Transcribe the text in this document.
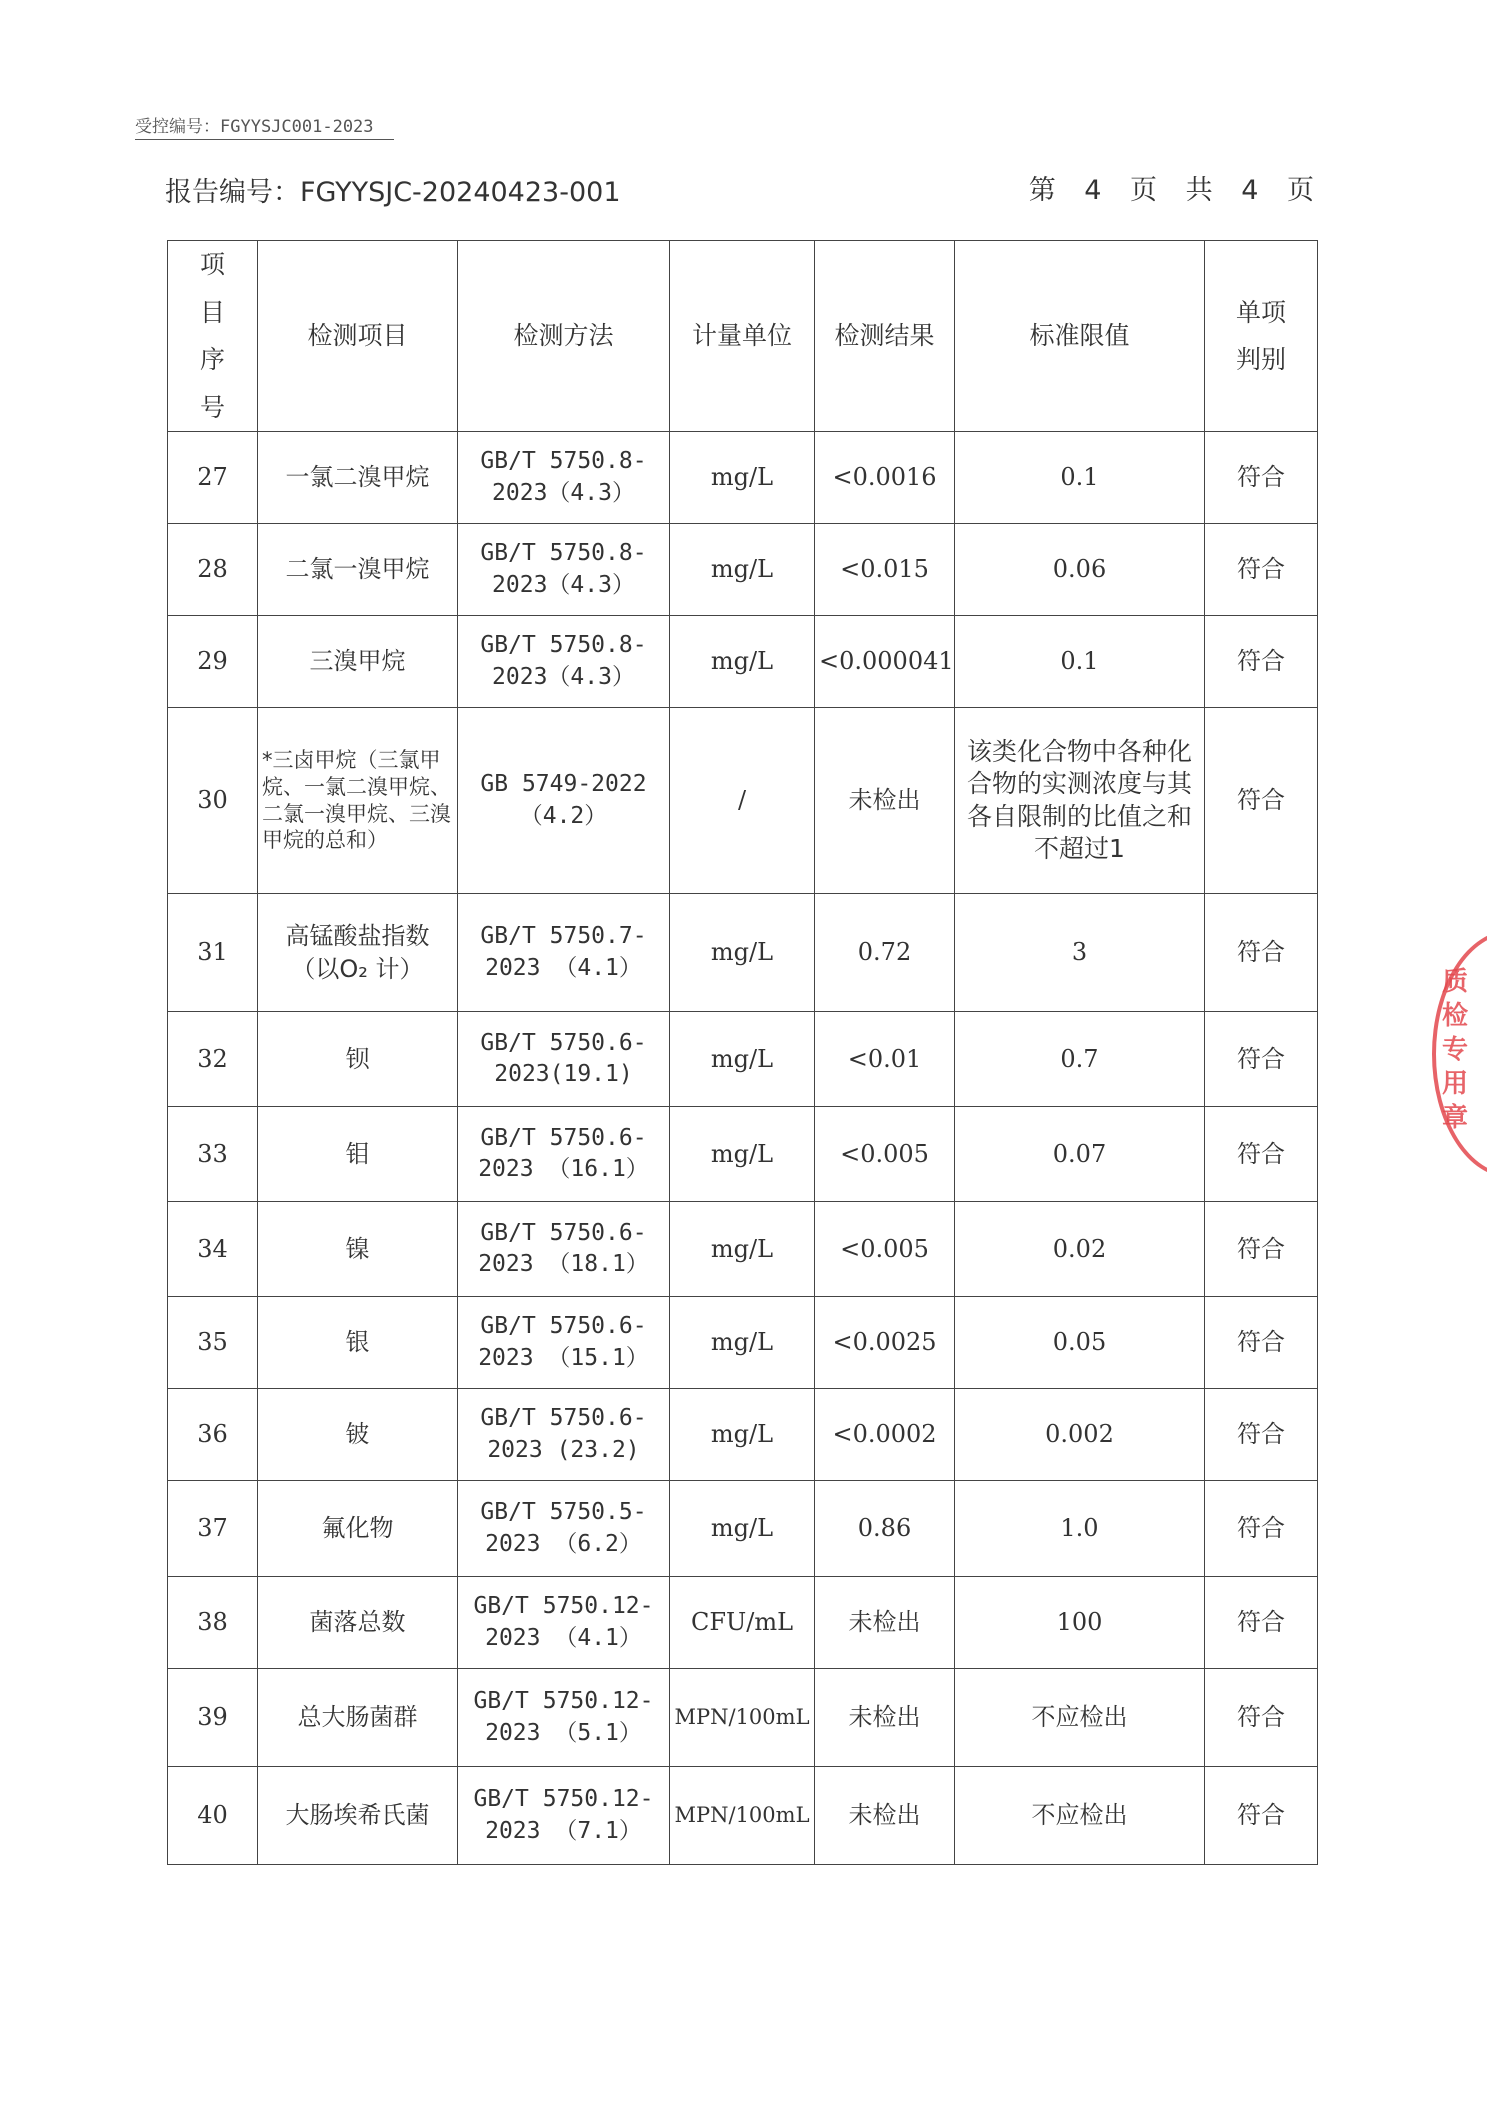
受控编号：FGYYSJC001-2023
报告编号：FGYYSJC-20240423-001	第 4 页 共 4 页
项目序号	检测项目	检测方法	计量单位	检测结果	标准限值	单项判别
27	一氯二溴甲烷	GB/T 5750.8-2023（4.3）	mg/L	<0.0016	0.1	符合
28	二氯一溴甲烷	GB/T 5750.8-2023（4.3）	mg/L	<0.015	0.06	符合
29	三溴甲烷	GB/T 5750.8-2023（4.3）	mg/L	<0.000041	0.1	符合
30	*三卤甲烷（三氯甲烷、一氯二溴甲烷、二氯一溴甲烷、三溴甲烷的总和）	GB 5749-2022（4.2）	/	未检出	该类化合物中各种化合物的实测浓度与其各自限制的比值之和不超过1	符合
31	高锰酸盐指数（以O₂ 计）	GB/T 5750.7-2023 （4.1）	mg/L	0.72	3	符合
32	钡	GB/T 5750.6-2023(19.1)	mg/L	<0.01	0.7	符合
33	钼	GB/T 5750.6-2023 （16.1）	mg/L	<0.005	0.07	符合
34	镍	GB/T 5750.6-2023 （18.1）	mg/L	<0.005	0.02	符合
35	银	GB/T 5750.6-2023 （15.1）	mg/L	<0.0025	0.05	符合
36	铍	GB/T 5750.6-2023 (23.2)	mg/L	<0.0002	0.002	符合
37	氟化物	GB/T 5750.5-2023 （6.2）	mg/L	0.86	1.0	符合
38	菌落总数	GB/T 5750.12-2023 （4.1）	CFU/mL	未检出	100	符合
39	总大肠菌群	GB/T 5750.12-2023 （5.1）	MPN/100mL	未检出	不应检出	符合
40	大肠埃希氏菌	GB/T 5750.12-2023 （7.1）	MPN/100mL	未检出	不应检出	符合
质检专用章
